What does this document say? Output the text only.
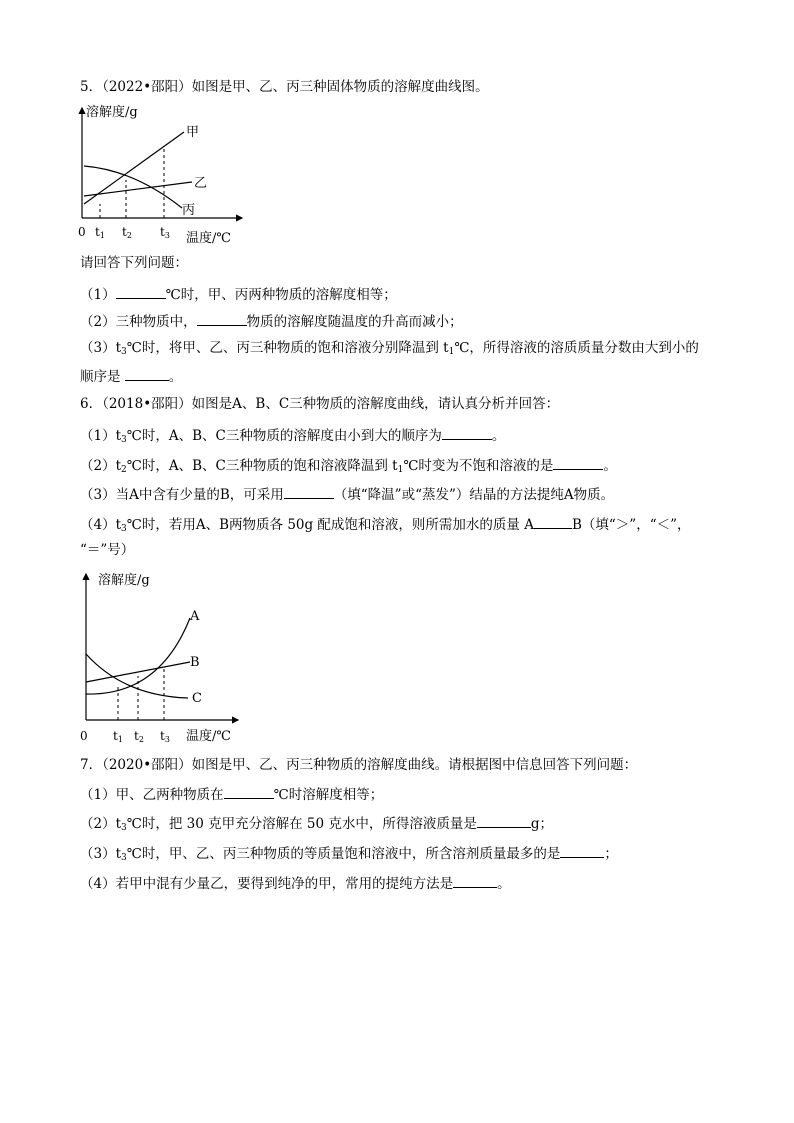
5．（2022•邵阳）如图是甲、乙、丙三种固体物质的溶解度曲线图。
溶解度/g
温度/℃
0
甲
乙
丙
t1 t2 t3
请回答下列问题：
（1）	℃时，甲、丙两种物质的溶解度相等；
（2）三种物质中，	物质的溶解度随温度的升高而减小；
$(3)t_3℃$时，将甲、乙、丙三种物质的饱和溶液分别降温到 $t_1℃$，所得溶液的溶质质量分数由大到小的
顺序是	。
6．（2018•邵阳）如图是A、B、C三种物质的溶解度曲线，请认真分析并回答：
$(1)t_3℃$时，A、B、C三种物质的溶解度由小到大的顺序为	。
$(2)t_2℃$时，A、B、C三种物质的饱和溶液降温到 $t_1℃$时变为不饱和溶液的是	。
（3）当A中含有少量的B，可采用	（填“降温”或“蒸发”）结晶的方法提纯A物质。
$(4)t_3℃$时，若用A、B两物质各 50g 配成饱和溶液，则所需加水的质量 A	B（填“＞”，“＜”，
“＝”号）
溶解度/g
温度/℃
0
A
B
C
t1 t2 t3
7．（2020•邵阳）如图是甲、乙、丙三种物质的溶解度曲线。请根据图中信息回答下列问题：
（1）甲、乙两种物质在	℃时溶解度相等；
$(2)t_3℃$时，把 30 克甲充分溶解在 50 克水中，所得溶液质量是	g；
$(3)t_3℃$时，甲、乙、丙三种物质的等质量饱和溶液中，所含溶剂质量最多的是	；
（4）若甲中混有少量乙，要得到纯净的甲，常用的提纯方法是	。
